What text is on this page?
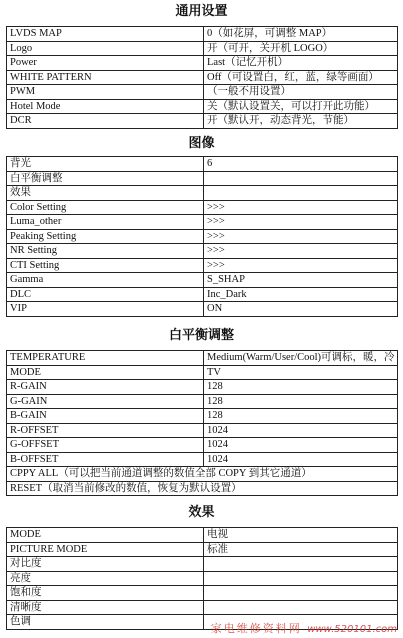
通用设置
LVDS MAP	0（如花屏，可调整 MAP）
Logo	开（可开，关开机 LOGO）
Power	Last（记忆开机）
WHITE PATTERN	Off（可设置白，红，蓝，绿等画面）
PWM	（一般不用设置）
Hotel Mode	关（默认设置关，可以打开此功能）
DCR	开（默认开，动态背光，节能）
图像
背光	6
白平衡调整	
效果	
Color Setting	>>>
Luma_other	>>>
Peaking Setting	>>>
NR Setting	>>>
CTI Setting	>>>
Gamma	S_SHAP
DLC	Inc_Dark
VIP	ON
白平衡调整
TEMPERATURE	Medium(Warm/User/Cool)可调标，暖，冷
MODE	TV
R-GAIN	128
G-GAIN	128
B-GAIN	128
R-OFFSET	1024
G-OFFSET	1024
B-OFFSET	1024
CPPY ALL（可以把当前通道调整的数值全部 COPY 到其它通道）	
RESET（取消当前修改的数值，恢复为默认设置）	
效果
MODE	电视
PICTURE MODE	标准
对比度	
亮度	
饱和度	
清晰度	
色调	
家电维修资料网 www.520101.com
